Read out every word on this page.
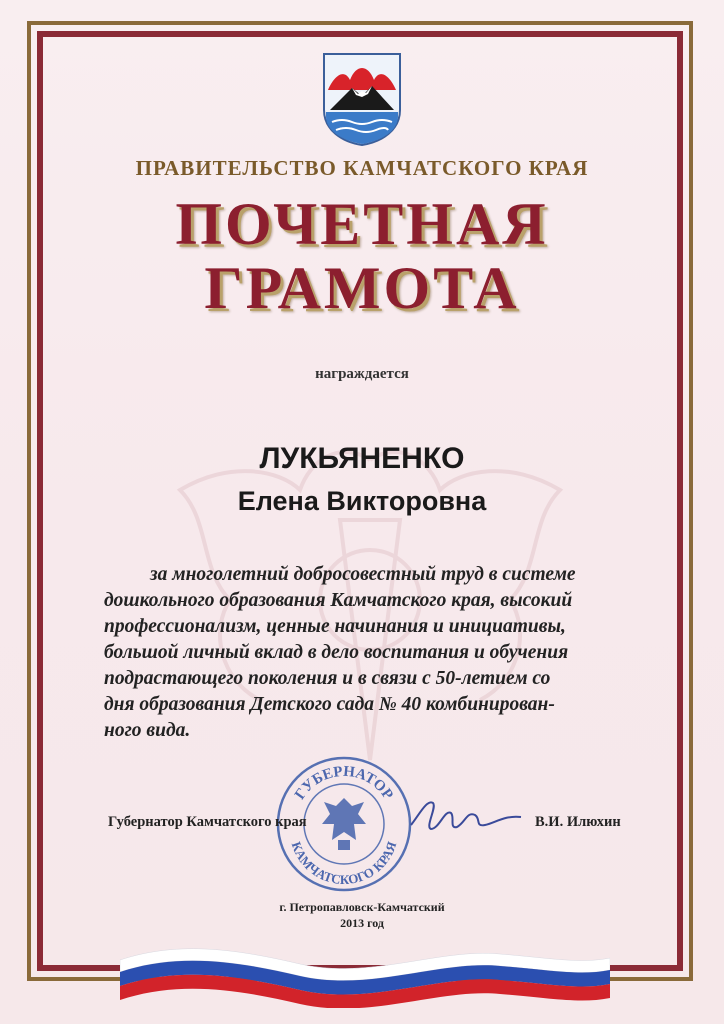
ПРАВИТЕЛЬСТВО КАМЧАТСКОГО КРАЯ
ПОЧЕТНАЯ
ГРАМОТА
награждается
ЛУКЬЯНЕНКО
Елена Викторовна
за многолетний добросовестный труд в системе
дошкольного образования Камчатского края, высокий
профессионализм, ценные начинания и инициативы,
большой личный вклад в дело воспитания и обучения
подрастающего поколения и в связи с 50-летием со
дня образования Детского сада № 40 комбинирован-
ного вида.
ГУБЕРНАТОР
КАМЧАТСКОГО КРАЯ
Губернатор Камчатского края	В.И. Илюхин
г. Петропавловск-Камчатский
2013 год
